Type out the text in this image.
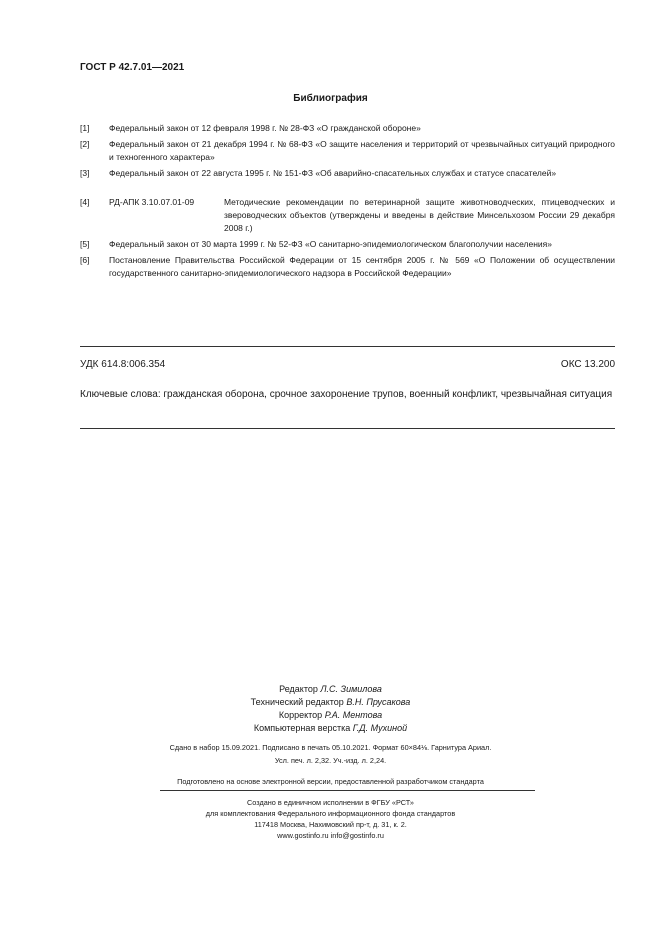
ГОСТ Р 42.7.01—2021
Библиография
[1] Федеральный закон от 12 февраля 1998 г. № 28-ФЗ «О гражданской обороне»
[2] Федеральный закон от 21 декабря 1994 г. № 68-ФЗ «О защите населения и территорий от чрезвычайных ситуаций природного и техногенного характера»
[3] Федеральный закон от 22 августа 1995 г. № 151-ФЗ «Об аварийно-спасательных службах и статусе спасателей»
[4] РД-АПК 3.10.07.01-09	Методические рекомендации по ветеринарной защите животноводческих, птицеводческих и звероводческих объектов (утверждены и введены в действие Минсельхозом России 29 декабря 2008 г.)
[5] Федеральный закон от 30 марта 1999 г. № 52-ФЗ «О санитарно-эпидемиологическом благополучии населения»
[6] Постановление Правительства Российской Федерации от 15 сентября 2005 г. № 569 «О Положении об осуществлении государственного санитарно-эпидемиологического надзора в Российской Федерации»
УДК 614.8:006.354	ОКС 13.200
Ключевые слова: гражданская оборона, срочное захоронение трупов, военный конфликт, чрезвычайная ситуация
Редактор Л.С. Зимилова
Технический редактор В.Н. Прусакова
Корректор Р.А. Ментова
Компьютерная верстка Г.Д. Мухиной
Сдано в набор 15.09.2021. Подписано в печать 05.10.2021. Формат 60×84⅛. Гарнитура Ариал.
Усл. печ. л. 2,32. Уч.-изд. л. 2,24.
Подготовлено на основе электронной версии, предоставленной разработчиком стандарта
Создано в единичном исполнении в ФГБУ «РСТ»
для комплектования Федерального информационного фонда стандартов
117418 Москва, Нахимовский пр-т, д. 31, к. 2.
www.gostinfo.ru info@gostinfo.ru
